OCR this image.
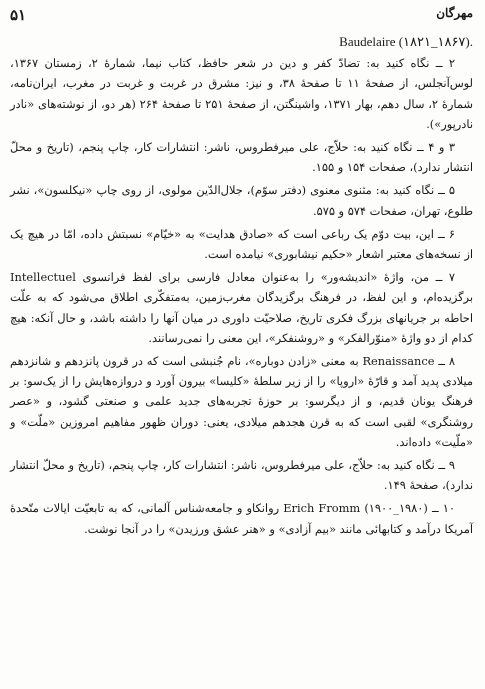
۵۱	مهرگان

Baudelaire (۱۸۲۱_۱۸۶۷).

۲ ــ نگاه کنید به: تضادّ کفر و دین در شعر حافظ، کتاب نیما، شمارهٔ ۲، زمستان ۱۳۶۷، لوس‌آنجلس، از صفحهٔ ۱۱ تا صفحهٔ ۳۸، و نیز: مشرق در غربت و غربت در مغرب، ایران‌نامه، شمارهٔ ۲، سال دهم، بهار ۱۳۷۱، واشینگتن، از صفحهٔ ۲۵۱ تا صفحهٔ ۲۶۴ (هر دو، از نوشته‌های «نادر نادرپور»).

۳ و ۴ ــ نگاه کنید به: حلاّج، علی میرفطروس، ناشر: انتشارات کار، چاپ پنجم، (تاریخ و محلّ انتشار ندارد)، صفحات ۱۵۴ و ۱۵۵.

۵ ــ نگاه کنید به: مثنوی معنوی (دفتر سوّم)، جلال‌الدّین مولوی، از روی چاپ «نیکلسون»، نشر طلوع، تهران، صفحات ۵۷۴ و ۵۷۵.

۶ ــ این، بیت دوّم یک رباعی است که «صادق هدایت» به «خیّام» نسبتش داده، امّا در هیچ یک از نسخه‌های معتبر اشعار «حکیم نیشابوری» نیامده است.

۷ ــ من، واژهٔ «اندیشه‌ور» را به‌عنوان معادل فارسی برای لفظ فرانسوی Intellectuel برگزیده‌ام، و این لفظ، در فرهنگ برگزیدگان مغرب‌زمین، به‌متفکّری اطلاق می‌شود که به علّت احاطه بر جریانهای بزرگ فکری تاریخ، صلاحیّت داوری در میان آنها را داشته باشد، و حال آنکه: هیچ کدام از دو واژهٔ «منوّرالفکر» و «روشنفکر»، این معنی را نمی‌رسانند.

۸ ــ Renaissance به معنی «زادن دوباره»، نام جُنبشی است که در قرون پانزدهم و شانزدهم میلادی پدید آمد و قارّهٔ «اروپا» را از زیر سلطهٔ «کلیسا» بیرون آورد و دروازه‌هایش را از یک‌سو: بر فرهنگ یونان قدیم، و از دیگرسو: بر حوزهٔ تجربه‌های جدید علمی و صنعتی گشود، و «عصر روشنگری» لقبی است که به قرن هجدهم میلادی، یعنی: دوران ظهور مفاهیم امروزین «ملّت» و «ملّیت» داده‌اند.

۹ ــ نگاه کنید به: حلاّج، علی میرفطروس، ناشر: انتشارات کار، چاپ پنجم، (تاریخ و محلّ انتشار ندارد)، صفحهٔ ۱۴۹.

۱۰ ــ Erich Fromm (۱۹۰۰_۱۹۸۰) روانکاو و جامعه‌شناس آلمانی، که به تابعیّت ایالات متّحدهٔ آمریکا درآمد و کتابهائی مانند «بیم آزادی» و «هنر عشق ورزیدن» را در آنجا نوشت.
